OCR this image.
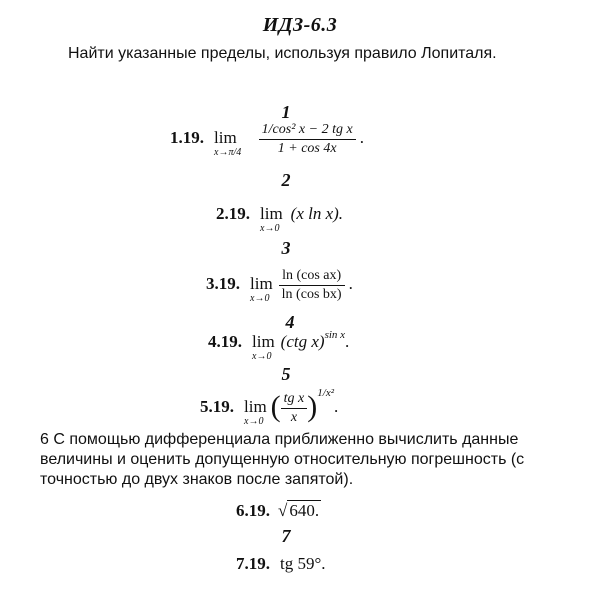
ИДЗ-6.3
Найти указанные пределы, используя правило Лопиталя.
1
1.19. lim
x→π/4
$\frac{\text{1/cos² x − 2 tg x}}{1 + \cos 4x}$ .
2
2.19. lim
x→0
(x ln x).
3
3.19. lim
x→0
$\frac{\text{ln (cos ax)}}{\text{ln (cos bx)}}$ .
4
4.19. lim
x→0
(ctg x)$^{sin x}$.
5
5.19. lim
x→0 ( $\frac{\text{tg x}}{x} )^{1/x^2}$.
6 С помощью дифференциала приближенно вычислить данные величины и оценить допущенную относительную погрешность (с точностью до двух знаков после запятой).
6.19. √ 640.
7
7.19. tg 59°.
